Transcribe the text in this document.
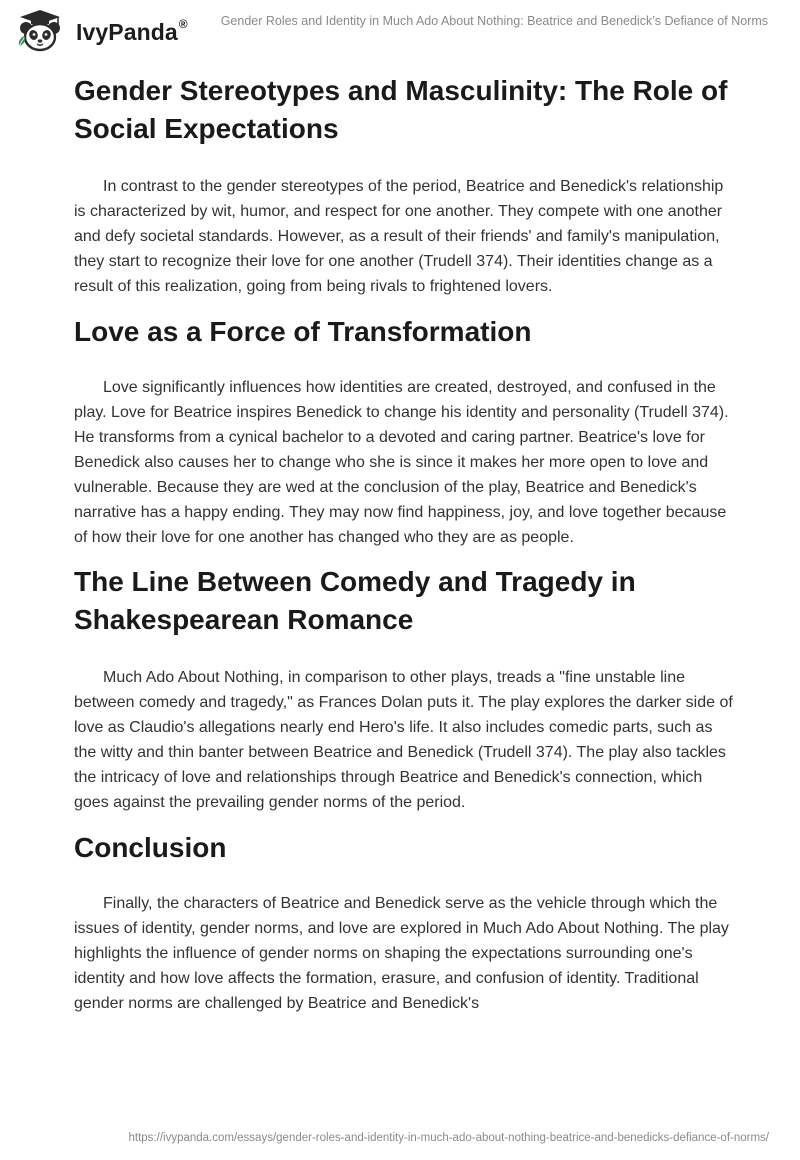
IvyPanda®	Gender Roles and Identity in Much Ado About Nothing: Beatrice and Benedick’s Defiance of Norms
Gender Stereotypes and Masculinity: The Role of Social Expectations

In contrast to the gender stereotypes of the period, Beatrice and Benedick's relationship is characterized by wit, humor, and respect for one another. They compete with one another and defy societal standards. However, as a result of their friends' and family's manipulation, they start to recognize their love for one another (Trudell 374). Their identities change as a result of this realization, going from being rivals to frightened lovers.

Love as a Force of Transformation

Love significantly influences how identities are created, destroyed, and confused in the play. Love for Beatrice inspires Benedick to change his identity and personality (Trudell 374). He transforms from a cynical bachelor to a devoted and caring partner. Beatrice's love for Benedick also causes her to change who she is since it makes her more open to love and vulnerable. Because they are wed at the conclusion of the play, Beatrice and Benedick's narrative has a happy ending. They may now find happiness, joy, and love together because of how their love for one another has changed who they are as people.

The Line Between Comedy and Tragedy in Shakespearean Romance

Much Ado About Nothing, in comparison to other plays, treads a "fine unstable line between comedy and tragedy," as Frances Dolan puts it. The play explores the darker side of love as Claudio's allegations nearly end Hero's life. It also includes comedic parts, such as the witty and thin banter between Beatrice and Benedick (Trudell 374). The play also tackles the intricacy of love and relationships through Beatrice and Benedick's connection, which goes against the prevailing gender norms of the period.

Conclusion

Finally, the characters of Beatrice and Benedick serve as the vehicle through which the issues of identity, gender norms, and love are explored in Much Ado About Nothing. The play highlights the influence of gender norms on shaping the expectations surrounding one's identity and how love affects the formation, erasure, and confusion of identity. Traditional gender norms are challenged by Beatrice and Benedick's

https://ivypanda.com/essays/gender-roles-and-identity-in-much-ado-about-nothing-beatrice-and-benedicks-defiance-of-norms/
